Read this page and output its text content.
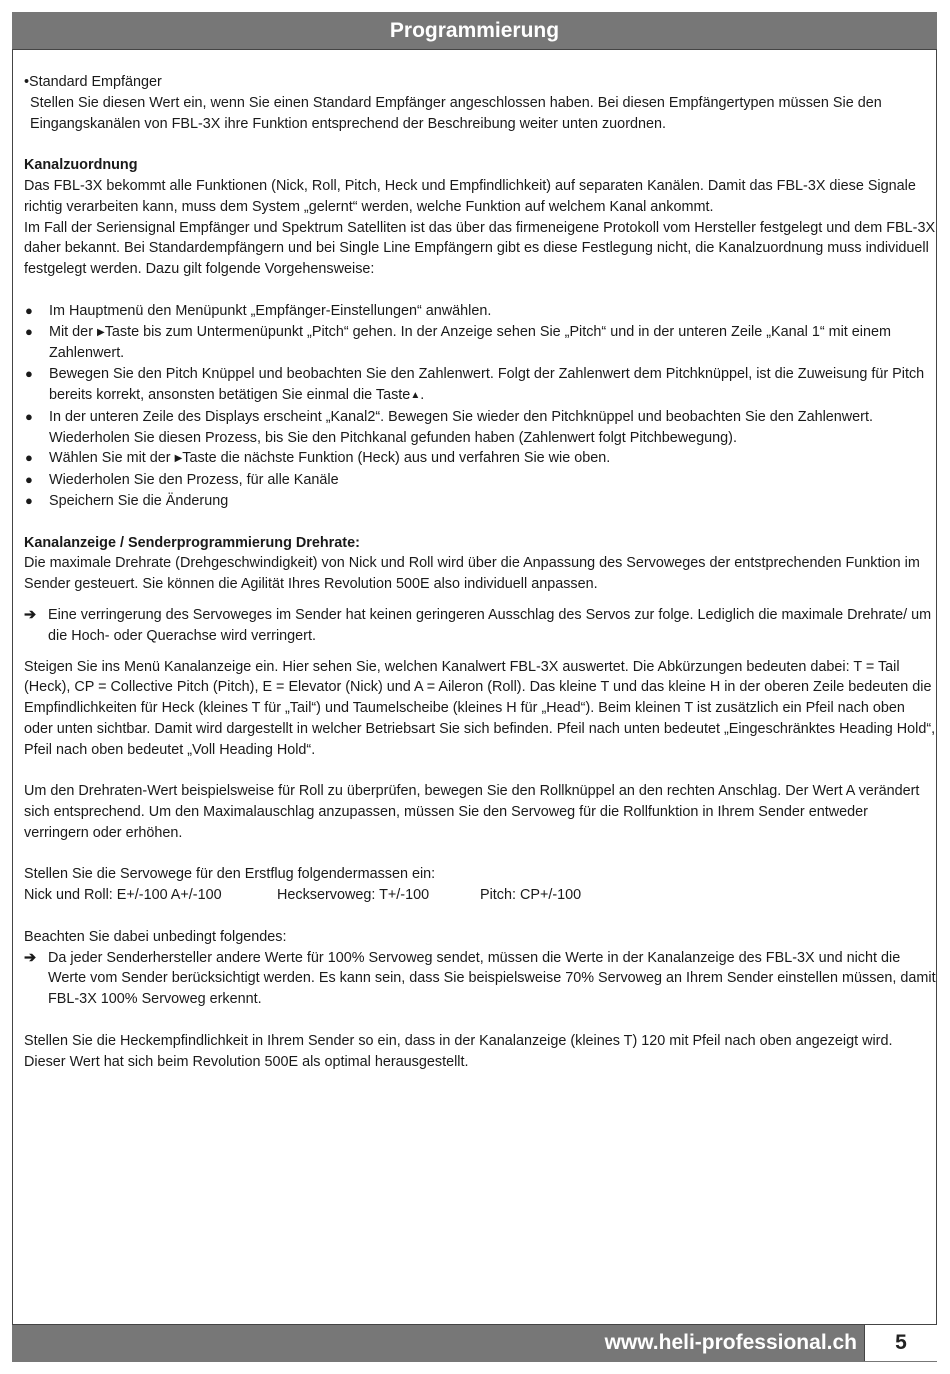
Programmierung

•Standard Empfänger

Stellen Sie diesen Wert ein, wenn Sie einen Standard Empfänger angeschlossen haben. Bei diesen Empfängertypen müssen Sie den Eingangskanälen von FBL-3X ihre Funktion entsprechend der Beschreibung weiter unten zuordnen.

Kanalzuordnung

Das FBL-3X bekommt alle Funktionen (Nick, Roll, Pitch, Heck und Empfindlichkeit) auf separaten Kanälen. Damit das FBL-3X diese Signale richtig verarbeiten kann, muss dem System „gelernt“ werden, welche Funktion auf welchem Kanal ankommt.

Im Fall der Seriensignal Empfänger und Spektrum Satelliten ist das über das firmeneigene Protokoll vom Hersteller festgelegt und dem FBL-3X daher bekannt. Bei Standardempfängern und bei Single Line Empfängern gibt es diese Festlegung nicht, die Kanalzuordnung muss individuell festgelegt werden. Dazu gilt folgende Vorgehensweise:

● Im Hauptmenü den Menüpunkt „Empfänger-Einstellungen“ anwählen.
● Mit der ▶Taste bis zum Untermenüpunkt „Pitch“ gehen. In der Anzeige sehen Sie „Pitch“ und in der unteren Zeile „Kanal 1“ mit einem Zahlenwert.
● Bewegen Sie den Pitch Knüppel und beobachten Sie den Zahlenwert. Folgt der Zahlenwert dem Pitchknüppel, ist die Zuweisung für Pitch bereits korrekt, ansonsten betätigen Sie einmal die Taste▲.
● In der unteren Zeile des Displays erscheint „Kanal2“. Bewegen Sie wieder den Pitchknüppel und beobachten Sie den Zahlenwert. Wiederholen Sie diesen Prozess, bis Sie den Pitchkanal gefunden haben (Zahlenwert folgt Pitchbewegung).
● Wählen Sie mit der ▶Taste die nächste Funktion (Heck) aus und verfahren Sie wie oben.
● Wiederholen Sie den Prozess, für alle Kanäle
● Speichern Sie die Änderung

Kanalanzeige / Senderprogrammierung Drehrate:

Die maximale Drehrate (Drehgeschwindigkeit) von Nick und Roll wird über die Anpassung des Servoweges der entstprechenden Funktion im Sender gesteuert. Sie können die Agilität Ihres Revolution 500E also individuell anpassen.

➔ Eine verringerung des Servoweges im Sender hat keinen geringeren Ausschlag des Servos zur folge. Lediglich die maximale Drehrate/ um die Hoch- oder Querachse wird verringert.

Steigen Sie ins Menü Kanalanzeige ein. Hier sehen Sie, welchen Kanalwert FBL-3X auswertet. Die Abkürzungen bedeuten dabei: T = Tail (Heck), CP = Collective Pitch (Pitch), E = Elevator (Nick) und A = Aileron (Roll). Das kleine T und das kleine H in der oberen Zeile bedeuten die Empfindlichkeiten für Heck (kleines T für „Tail“) und Taumelscheibe (kleines H für „Head“). Beim kleinen T ist zusätzlich ein Pfeil nach oben oder unten sichtbar. Damit wird dargestellt in welcher Betriebsart Sie sich befinden. Pfeil nach unten bedeutet „Eingeschränktes Heading Hold“, Pfeil nach oben bedeutet „Voll Heading Hold“.

Um den Drehraten-Wert beispielsweise für Roll zu überprüfen, bewegen Sie den Rollknüppel an den rechten Anschlag. Der Wert A verändert sich entsprechend. Um den Maximalauschlag anzupassen, müssen Sie den Servoweg für die Rollfunktion in Ihrem Sender entweder verringern oder erhöhen.

Stellen Sie die Servowege für den Erstflug folgendermassen ein:

Nick und Roll: E+/-100 A+/-100	Heckservoweg: T+/-100	Pitch: CP+/-100

Beachten Sie dabei unbedingt folgendes:

➔ Da jeder Senderhersteller andere Werte für 100% Servoweg sendet, müssen die Werte in der Kanalanzeige des FBL-3X und nicht die Werte vom Sender berücksichtigt werden. Es kann sein, dass Sie beispielsweise 70% Servoweg an Ihrem Sender einstellen müssen, damit FBL-3X 100% Servoweg erkennt.

Stellen Sie die Heckempfindlichkeit in Ihrem Sender so ein, dass in der Kanalanzeige (kleines T) 120 mit Pfeil nach oben angezeigt wird. Dieser Wert hat sich beim Revolution 500E als optimal herausgestellt.

www.heli-professional.ch	5
